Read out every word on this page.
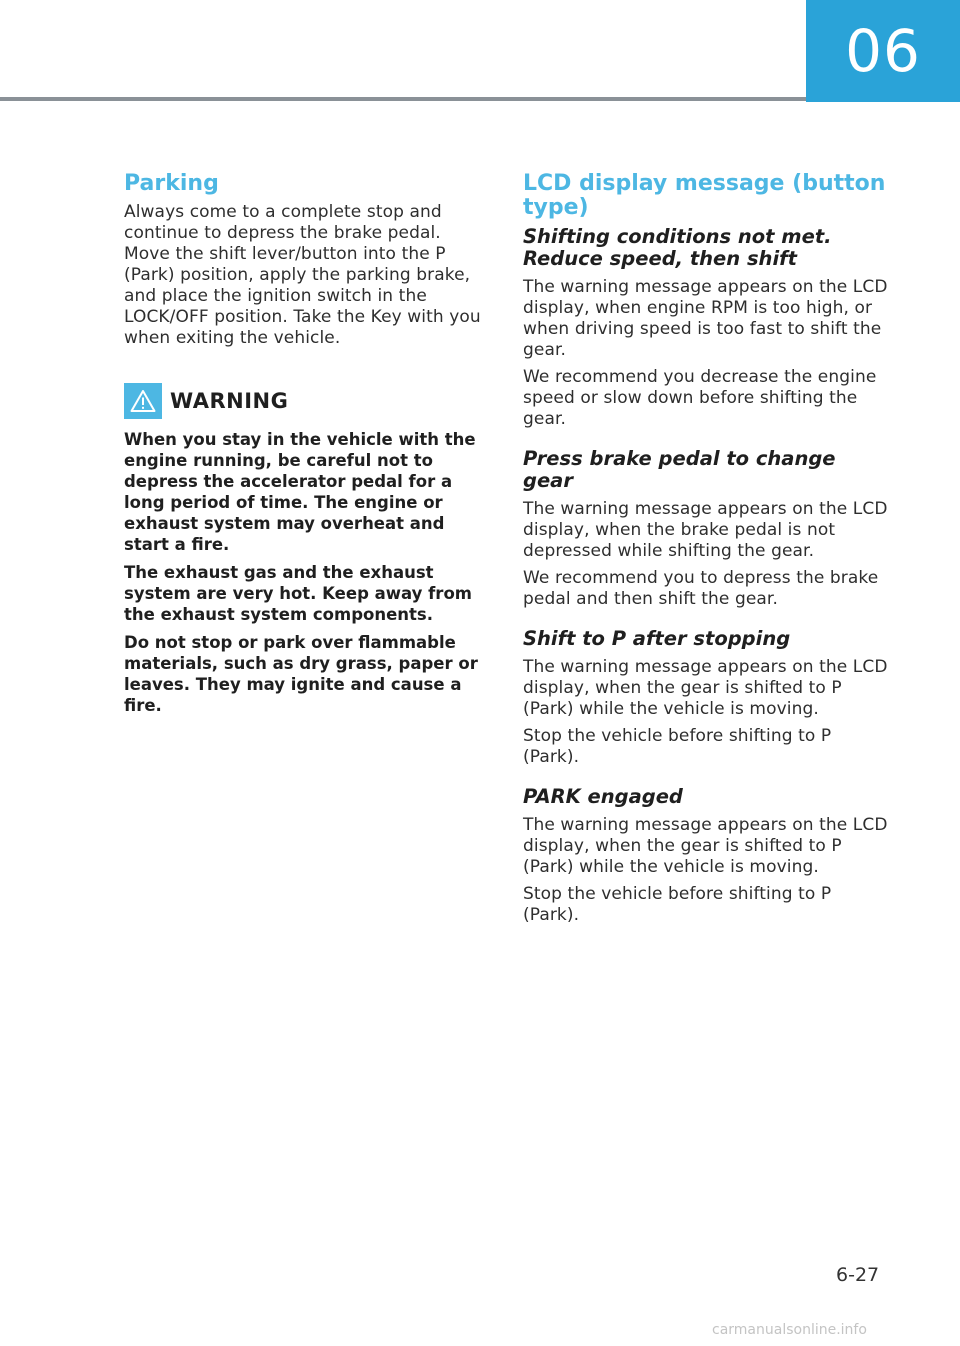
06
Parking

Always come to a complete stop and continue to depress the brake pedal. Move the shift lever/button into the P (Park) position, apply the parking brake, and place the ignition switch in the LOCK/OFF position. Take the Key with you when exiting the vehicle.

WARNING

When you stay in the vehicle with the engine running, be careful not to depress the accelerator pedal for a long period of time. The engine or exhaust system may overheat and start a fire.

The exhaust gas and the exhaust system are very hot. Keep away from the exhaust system components.

Do not stop or park over flammable materials, such as dry grass, paper or leaves. They may ignite and cause a fire.

LCD display message (button type)
Shifting conditions not met. Reduce speed, then shift

The warning message appears on the LCD display, when engine RPM is too high, or when driving speed is too fast to shift the gear.

We recommend you decrease the engine speed or slow down before shifting the gear.

Press brake pedal to change gear

The warning message appears on the LCD display, when the brake pedal is not depressed while shifting the gear.

We recommend you to depress the brake pedal and then shift the gear.

Shift to P after stopping

The warning message appears on the LCD display, when the gear is shifted to P (Park) while the vehicle is moving.

Stop the vehicle before shifting to P (Park).

PARK engaged

The warning message appears on the LCD display, when the gear is shifted to P (Park) while the vehicle is moving.

Stop the vehicle before shifting to P (Park).

6-27
carmanualsonline.info
